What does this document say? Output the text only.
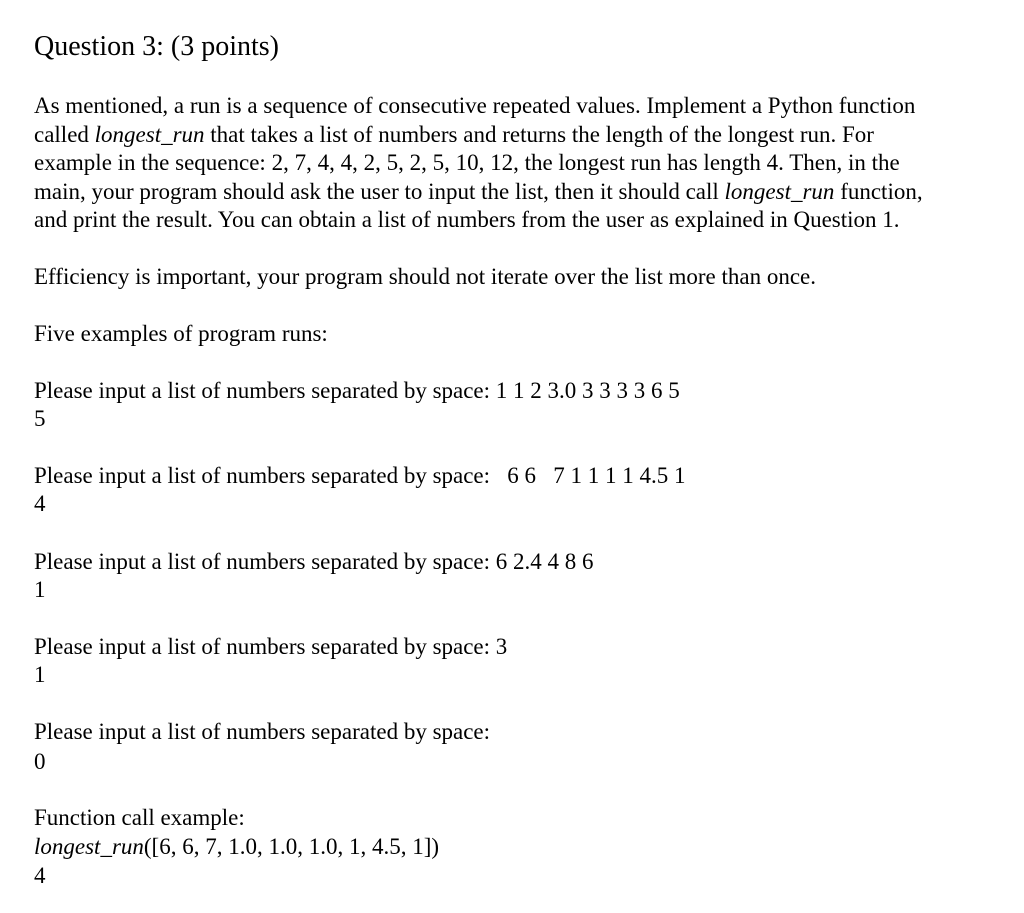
Question 3: (3 points)
As mentioned, a run is a sequence of consecutive repeated values. Implement a Python function
called longest_run that takes a list of numbers and returns the length of the longest run. For
example in the sequence: 2, 7, 4, 4, 2, 5, 2, 5, 10, 12, the longest run has length 4. Then, in the
main, your program should ask the user to input the list, then it should call longest_run function,
and print the result. You can obtain a list of numbers from the user as explained in Question 1.

Efficiency is important, your program should not iterate over the list more than once.

Five examples of program runs:

Please input a list of numbers separated by space: 1 1 2 3.0 3 3 3 3 6 5

5

Please input a list of numbers separated by space:   6 6   7 1 1 1 1 4.5 1

4

Please input a list of numbers separated by space: 6 2.4 4 8 6

1

Please input a list of numbers separated by space: 3

1

Please input a list of numbers separated by space:

0

Function call example:

longest_run([6, 6, 7, 1.0, 1.0, 1.0, 1, 4.5, 1])

4
